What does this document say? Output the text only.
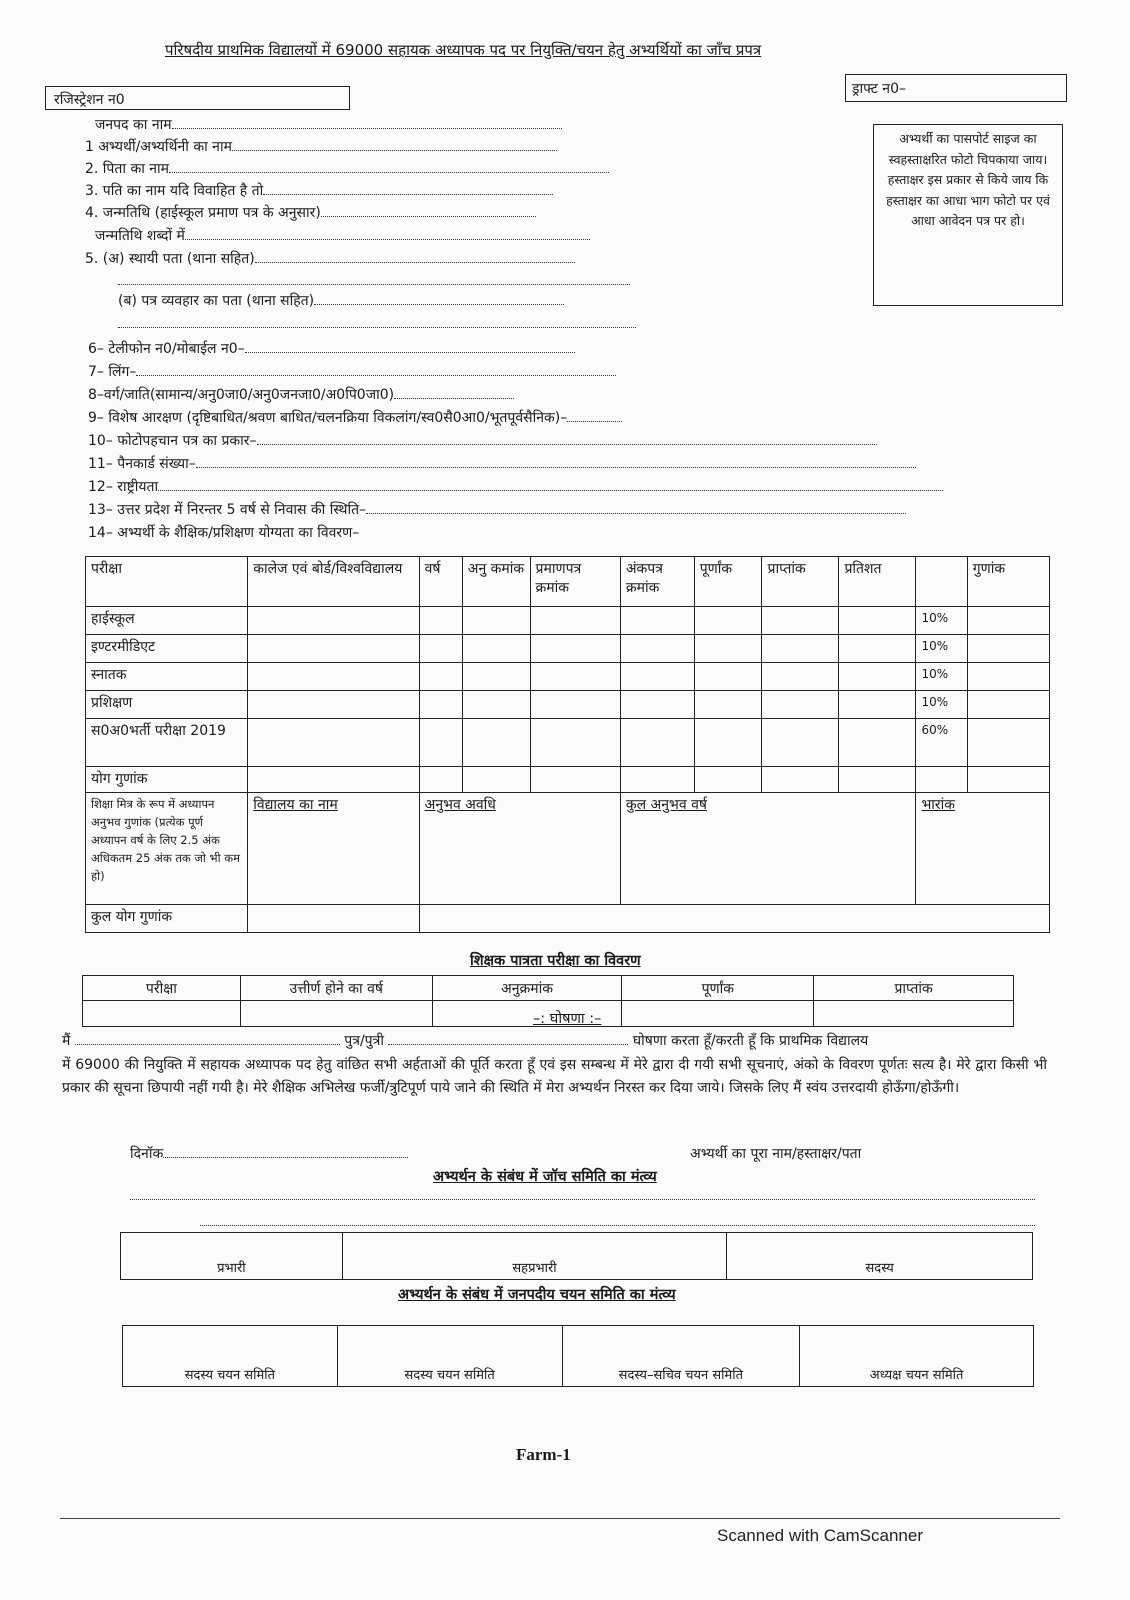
परिषदीय प्राथमिक विद्यालयों में 69000 सहायक अध्यापक पद पर नियुक्ति/चयन हेतु अभ्यर्थियों का जाँच प्रपत्र
रजिस्ट्रेशन न0
ड्राफ्ट न0–
अभ्यर्थी का पासपोर्ट साइज का स्वहस्ताक्षरित फोटो चिपकाया जाय। हस्ताक्षर इस प्रकार से किये जाय कि हस्ताक्षर का आधा भाग फोटो पर एवं आधा आवेदन पत्र पर हो।
जनपद का नाम
1 अभ्यर्थी/अभ्यर्थिनी का नाम
2. पिता का नाम
3. पति का नाम यदि विवाहित है तो
4. जन्मतिथि (हाईस्कूल प्रमाण पत्र के अनुसार)
जन्मतिथि शब्दों में
5. (अ) स्थायी पता (थाना सहित)
(ब) पत्र व्यवहार का पता (थाना सहित)
6– टेलीफोन न0/मोबाईल न0–
7– लिंग–
8–वर्ग/जाति(सामान्य/अनु0जा0/अनु0जनजा0/अ0पि0जा0)
9– विशेष आरक्षण (दृष्टिबाधित/श्रवण बाधित/चलनक्रिया विकलांग/स्व0सै0आ0/भूतपूर्वसैनिक)–
10– फोटोपहचान पत्र का प्रकार–
11– पैनकार्ड संख्या–
12– राष्ट्रीयता
13– उत्तर प्रदेश में निरन्तर 5 वर्ष से निवास की स्थिति–
14– अभ्यर्थी के शैक्षिक/प्रशिक्षण योग्यता का विवरण–
परीक्षा	कालेज एवं बोर्ड/विश्वविद्यालय	वर्ष	अनु कमांक	प्रमाणपत्र क्रमांक	अंकपत्र क्रमांक	पूर्णांक	प्राप्तांक	प्रतिशत		गुणांक
हाईस्कूल									10%	
इण्टरमीडिएट									10%	
स्नातक									10%	
प्रशिक्षण									10%	
स0अ0भर्ती परीक्षा 2019									60%	
योग गुणांक										
शिक्षा मित्र के रूप में अध्यापन अनुभव गुणांक (प्रत्येक पूर्ण अध्यापन वर्ष के लिए 2.5 अंक अधिकतम 25 अंक तक जो भी कम हो)	विद्यालय का नाम	अनुभव अवधि			कुल अनुभव वर्ष				भारांक	
कुल योग गुणांक										
शिक्षक पात्रता परीक्षा का विवरण
परीक्षा	उत्तीर्ण होने का वर्ष	अनुक्रमांक	पूर्णांक	प्राप्तांक

–: घोषणा :–
मैं	पुत्र/पुत्री	घोषणा करता हूँ/करती हूँ कि प्राथमिक विद्यालय
में 69000 की नियुक्ति में सहायक अध्यापक पद हेतु वांछित सभी अर्हताओं की पूर्ति करता हूँ एवं इस सम्बन्ध में मेरे द्वारा दी गयी सभी सूचनाएं, अंको के विवरण पूर्णतः सत्य है। मेरे द्वारा किसी भी प्रकार की सूचना छिपायी नहीं गयी है। मेरे शैक्षिक अभिलेख फर्जी/त्रुटिपूर्ण पाये जाने की स्थिति में मेरा अभ्यर्थन निरस्त कर दिया जाये। जिसके लिए मैं स्वंय उत्तरदायी होऊँगा/होऊँगी।
दिनॉक	अभ्यर्थी का पूरा नाम/हस्ताक्षर/पता
अभ्यर्थन के संबंध में जॉच समिति का मंत्व्य
प्रभारी	सहप्रभारी	सदस्य
अभ्यर्थन के संबंध में जनपदीय चयन समिति का मंत्व्य
सदस्य चयन समिति	सदस्य चयन समिति	सदस्य–सचिव चयन समिति	अध्यक्ष चयन समिति
Farm-1
Scanned with CamScanner
